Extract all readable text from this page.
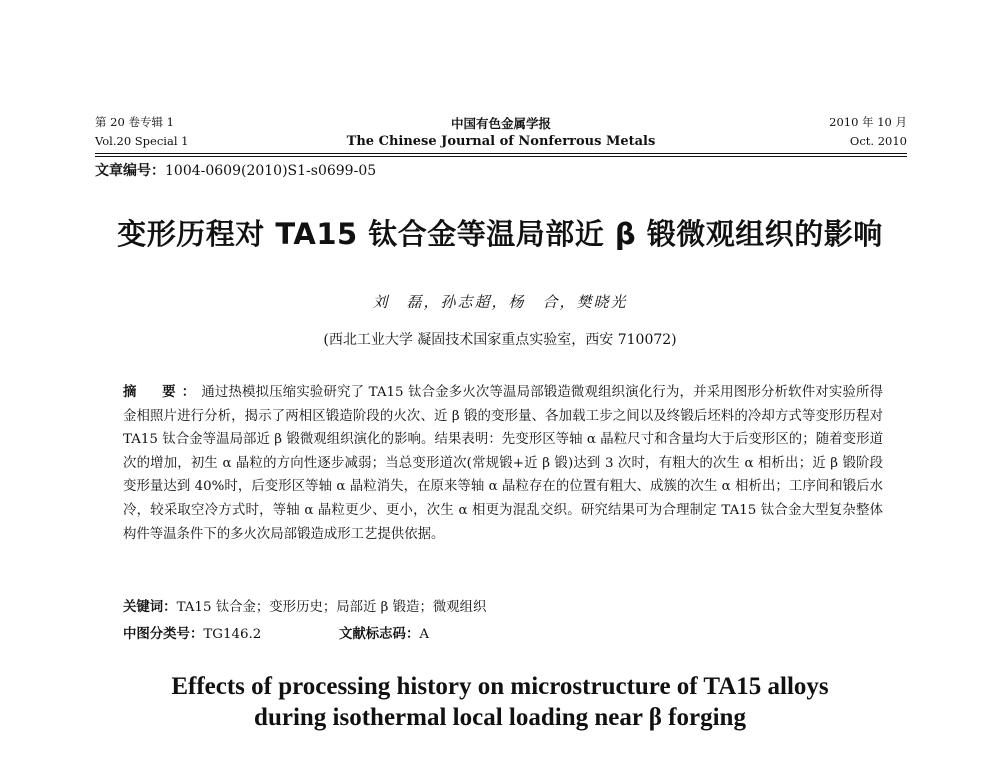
第 20 卷专辑 1	中国有色金属学报	2010 年 10 月
Vol.20 Special 1	The Chinese Journal of Nonferrous Metals	Oct. 2010
文章编号：1004-0609(2010)S1-s0699-05
变形历程对 TA15 钛合金等温局部近 β 锻微观组织的影响
刘　磊，孙志超，杨　合，樊晓光
(西北工业大学 凝固技术国家重点实验室，西安 710072)
摘　要：通过热模拟压缩实验研究了 TA15 钛合金多火次等温局部锻造微观组织演化行为，并采用图形分析软件对实验所得金相照片进行分析，揭示了两相区锻造阶段的火次、近 β 锻的变形量、各加载工步之间以及终锻后坯料的冷却方式等变形历程对 TA15 钛合金等温局部近 β 锻微观组织演化的影响。结果表明：先变形区等轴 α 晶粒尺寸和含量均大于后变形区的；随着变形道次的增加，初生 α 晶粒的方向性逐步减弱；当总变形道次(常规锻+近 β 锻)达到 3 次时，有粗大的次生 α 相析出；近 β 锻阶段变形量达到 40%时，后变形区等轴 α 晶粒消失，在原来等轴 α 晶粒存在的位置有粗大、成簇的次生 α 相析出；工序间和锻后水冷，较采取空冷方式时，等轴 α 晶粒更少、更小，次生 α 相更为混乱交织。研究结果可为合理制定 TA15 钛合金大型复杂整体构件等温条件下的多火次局部锻造成形工艺提供依据。
关键词：TA15 钛合金；变形历史；局部近 β 锻造；微观组织
中图分类号：TG146.2	文献标志码：A
Effects of processing history on microstructure of TA15 alloys
during isothermal local loading near β forging
